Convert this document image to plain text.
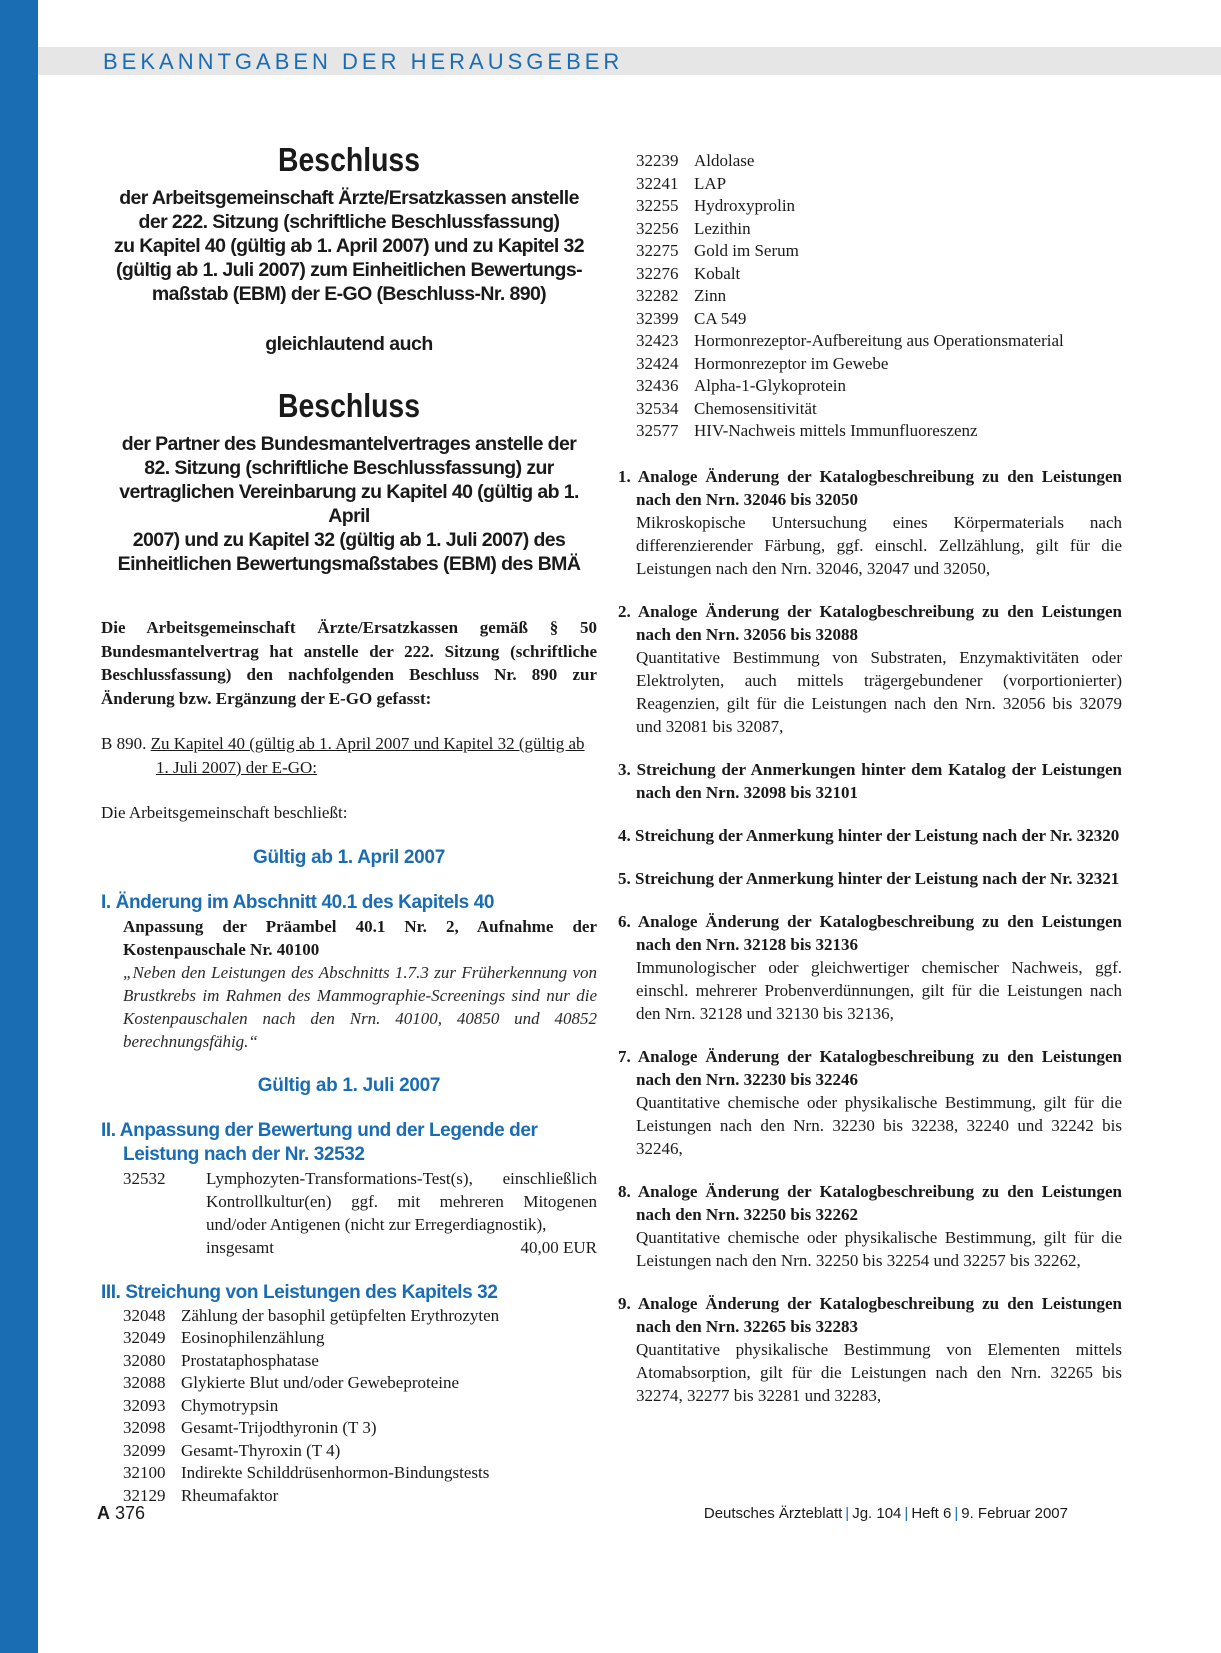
BEKANNTGABEN DER HERAUSGEBER
Beschluss
der Arbeitsgemeinschaft Ärzte/Ersatzkassen anstelle
der 222. Sitzung (schriftliche Beschlussfassung)
zu Kapitel 40 (gültig ab 1. April 2007) und zu Kapitel 32
(gültig ab 1. Juli 2007) zum Einheitlichen Bewertungs-
maßstab (EBM) der E-GO (Beschluss-Nr. 890)
gleichlautend auch
Beschluss
der Partner des Bundesmantelvertrages anstelle der
82. Sitzung (schriftliche Beschlussfassung) zur
vertraglichen Vereinbarung zu Kapitel 40 (gültig ab 1. April
2007) und zu Kapitel 32 (gültig ab 1. Juli 2007) des
Einheitlichen Bewertungsmaßstabes (EBM) des BMÄ

Die Arbeitsgemeinschaft Ärzte/Ersatzkassen gemäß § 50 Bundesmantelvertrag hat anstelle der 222. Sitzung (schriftliche Beschlussfassung) den nachfolgenden Beschluss Nr. 890 zur Änderung bzw. Ergänzung der E-GO gefasst:

B 890. Zu Kapitel 40 (gültig ab 1. April 2007 und Kapitel 32 (gültig ab 1. Juli 2007) der E-GO:

Die Arbeitsgemeinschaft beschließt:

Gültig ab 1. April 2007
I. Änderung im Abschnitt 40.1 des Kapitels 40

Anpassung der Präambel 40.1 Nr. 2, Aufnahme der Kostenpauschale Nr. 40100

„Neben den Leistungen des Abschnitts 1.7.3 zur Früherkennung von Brustkrebs im Rahmen des Mammographie-Screenings sind nur die Kostenpauschalen nach den Nrn. 40100, 40850 und 40852 berechnungsfähig.“

Gültig ab 1. Juli 2007
II. Anpassung der Bewertung und der Legende der Leistung nach der Nr. 32532
32532	Lymphozyten-Transformations-Test(s), einschließlich Kontrollkultur(en) ggf. mit mehreren Mitogenen und/oder Antigenen (nicht zur Erregerdiagnostik),
insgesamt	40,00 EUR
III. Streichung von Leistungen des Kapitels 32
32048 Zählung der basophil getüpfelten Erythrozyten
32049 Eosinophilenzählung
32080 Prostataphosphatase
32088 Glykierte Blut und/oder Gewebeproteine
32093 Chymotrypsin
32098 Gesamt-Trijodthyronin (T 3)
32099 Gesamt-Thyroxin (T 4)
32100 Indirekte Schilddrüsenhormon-Bindungstests
32129 Rheumafaktor
32239 Aldolase
32241 LAP
32255 Hydroxyprolin
32256 Lezithin
32275 Gold im Serum
32276 Kobalt
32282 Zinn
32399 CA 549
32423 Hormonrezeptor-Aufbereitung aus Operationsmaterial
32424 Hormonrezeptor im Gewebe
32436 Alpha-1-Glykoprotein
32534 Chemosensitivität
32577 HIV-Nachweis mittels Immunfluoreszenz

1. Analoge Änderung der Katalogbeschreibung zu den Leistungen nach den Nrn. 32046 bis 32050

Mikroskopische Untersuchung eines Körpermaterials nach differenzierender Färbung, ggf. einschl. Zellzählung, gilt für die Leistungen nach den Nrn. 32046, 32047 und 32050,

2. Analoge Änderung der Katalogbeschreibung zu den Leistungen nach den Nrn. 32056 bis 32088

Quantitative Bestimmung von Substraten, Enzymaktivitäten oder Elektrolyten, auch mittels trägergebundener (vorportionierter) Reagenzien, gilt für die Leistungen nach den Nrn. 32056 bis 32079 und 32081 bis 32087,

3. Streichung der Anmerkungen hinter dem Katalog der Leistungen nach den Nrn. 32098 bis 32101

4. Streichung der Anmerkung hinter der Leistung nach der Nr. 32320

5. Streichung der Anmerkung hinter der Leistung nach der Nr. 32321

6. Analoge Änderung der Katalogbeschreibung zu den Leistungen nach den Nrn. 32128 bis 32136

Immunologischer oder gleichwertiger chemischer Nachweis, ggf. einschl. mehrerer Probenverdünnungen, gilt für die Leistungen nach den Nrn. 32128 und 32130 bis 32136,

7. Analoge Änderung der Katalogbeschreibung zu den Leistungen nach den Nrn. 32230 bis 32246

Quantitative chemische oder physikalische Bestimmung, gilt für die Leistungen nach den Nrn. 32230 bis 32238, 32240 und 32242 bis 32246,

8. Analoge Änderung der Katalogbeschreibung zu den Leistungen nach den Nrn. 32250 bis 32262

Quantitative chemische oder physikalische Bestimmung, gilt für die Leistungen nach den Nrn. 32250 bis 32254 und 32257 bis 32262,

9. Analoge Änderung der Katalogbeschreibung zu den Leistungen nach den Nrn. 32265 bis 32283

Quantitative physikalische Bestimmung von Elementen mittels Atomabsorption, gilt für die Leistungen nach den Nrn. 32265 bis 32274, 32277 bis 32281 und 32283,

A 376	Deutsches Ärzteblatt | Jg. 104 | Heft 6 | 9. Februar 2007
